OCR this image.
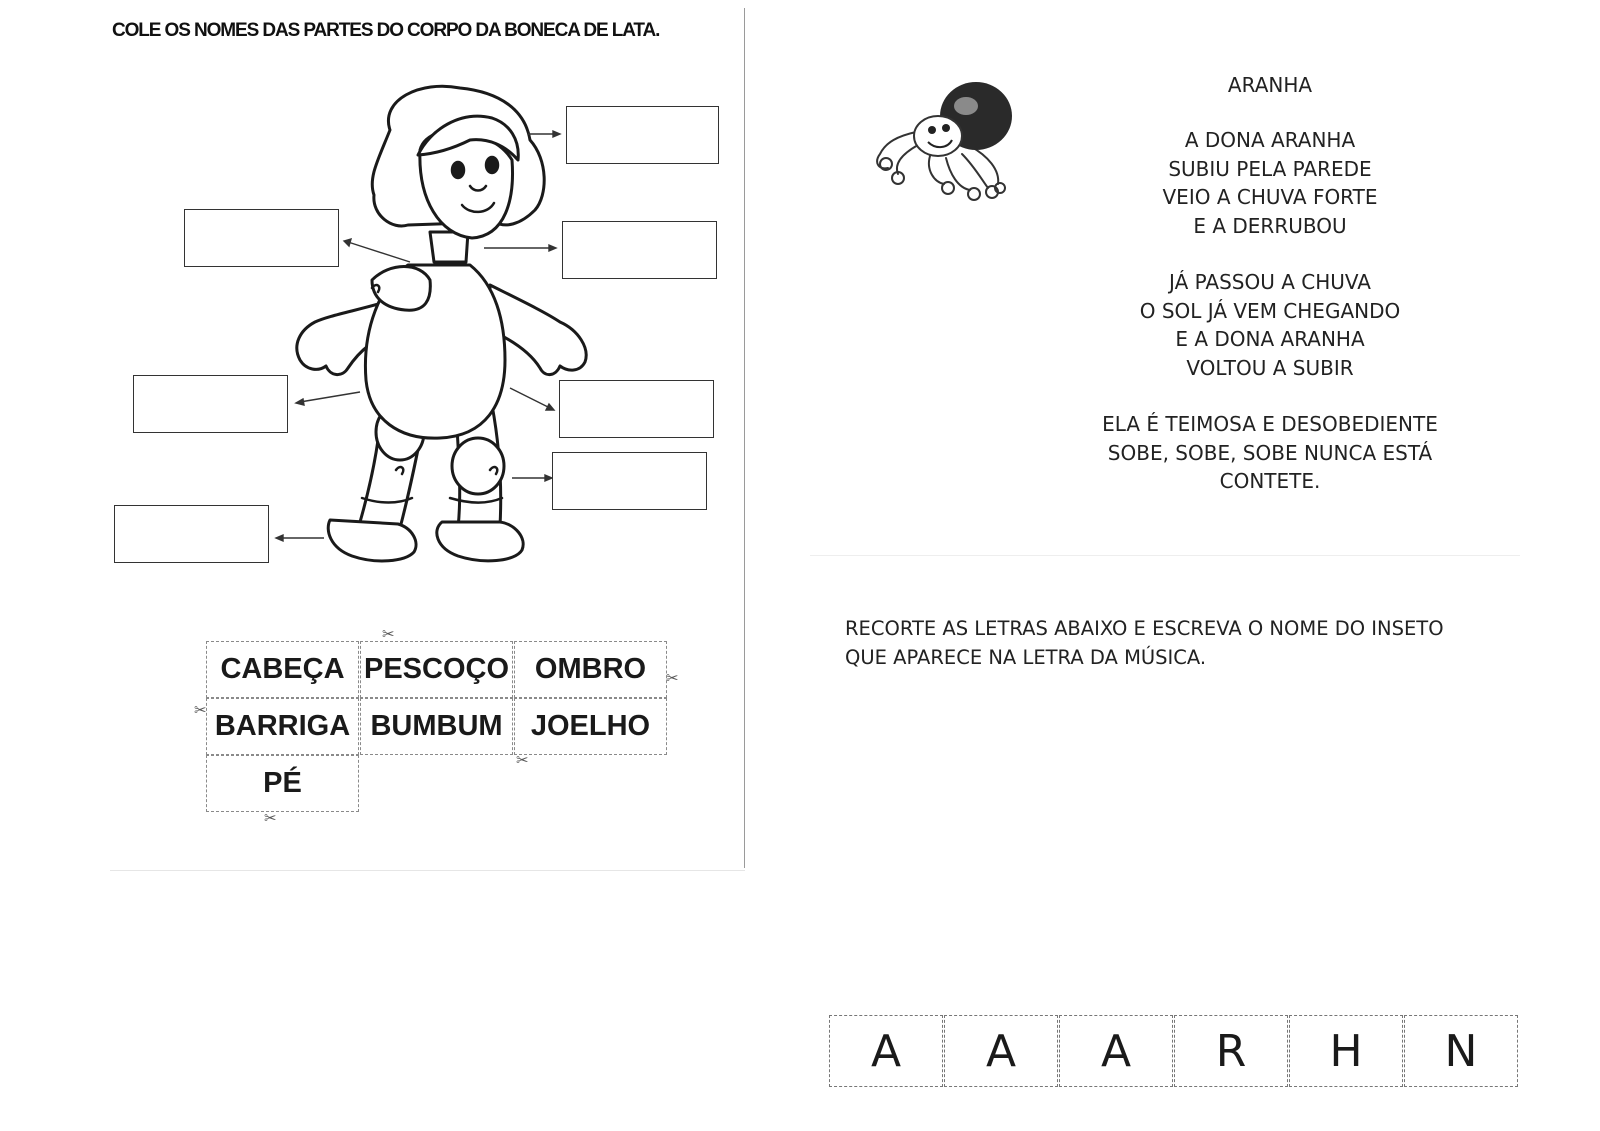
COLE OS NOMES DAS PARTES DO CORPO DA BONECA DE LATA.
CABEÇA PESCOÇO OMBRO
BARRIGA BUMBUM JOELHO
PÉ
✂
✂
✂
✂
✂
ARANHA
A DONA ARANHA
SUBIU PELA PAREDE
VEIO A CHUVA FORTE
E A DERRUBOU
JÁ PASSOU A CHUVA
O SOL JÁ VEM CHEGANDO
E A DONA ARANHA
VOLTOU A SUBIR
ELA É TEIMOSA E DESOBEDIENTE
SOBE, SOBE, SOBE NUNCA ESTÁ
CONTETE.
RECORTE AS LETRAS ABAIXO E ESCREVA O NOME DO INSETO
QUE APARECE NA LETRA DA MÚSICA.
A	A	A	R	H	N
